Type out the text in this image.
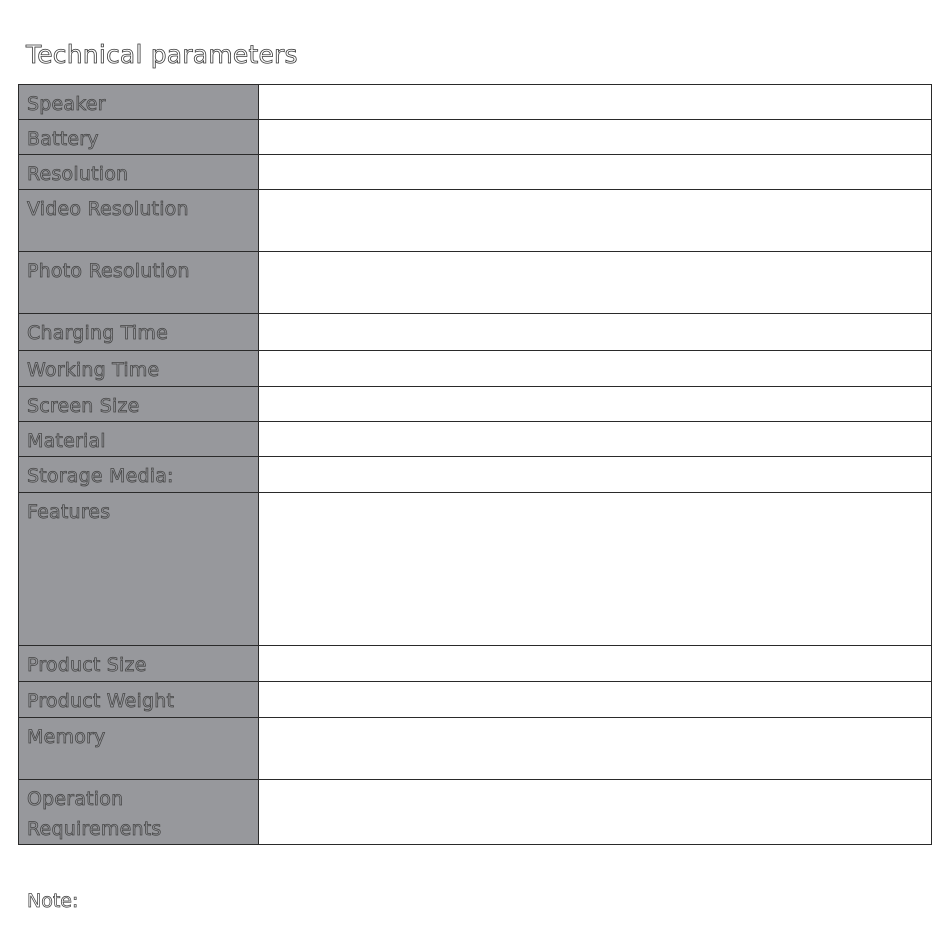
Technical parameters
Speaker	
Battery	
Resolution	
Video Resolution	
Photo Resolution	
Charging Time	
Working Time	
Screen Size	
Material	
Storage Media:	
Features	
Product Size	
Product Weight	
Memory	
Operation Requirements	
Note:
